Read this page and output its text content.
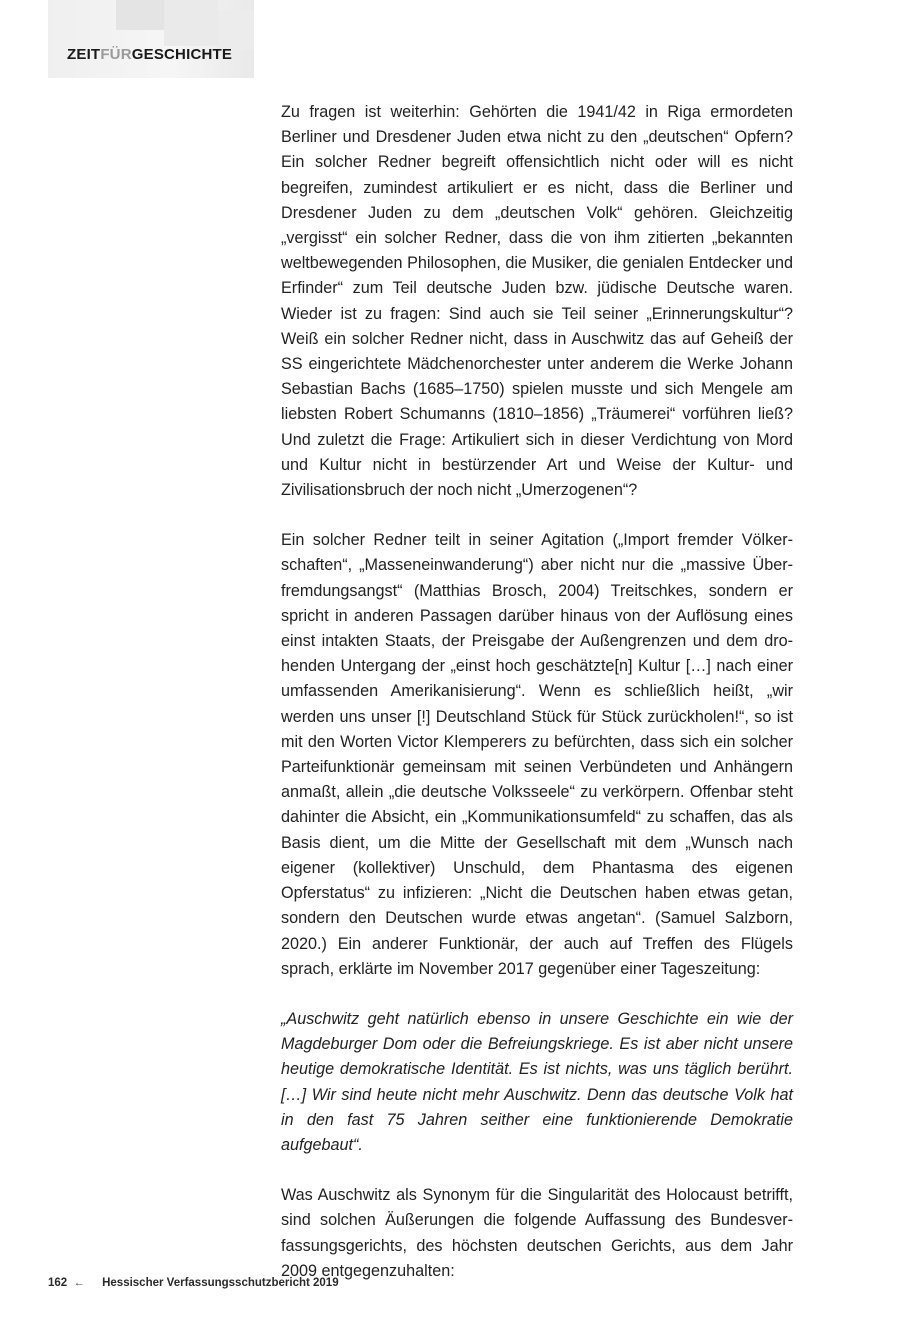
ZEITFÜRGESCHICHTE

Zu fragen ist weiterhin: Gehörten die 1941/42 in Riga ermordeten Berliner und Dresdener Juden etwa nicht zu den „deutschen“ Opfern? Ein solcher Redner begreift offensichtlich nicht oder will es nicht begreifen, zumindest artikuliert er es nicht, dass die Berliner und Dresdener Juden zu dem „deutschen Volk“ gehören. Gleichzeitig „vergisst“ ein solcher Redner, dass die von ihm zitierten „bekannten weltbewegenden Philosophen, die Musiker, die genialen Entdecker und Erfinder“ zum Teil deutsche Juden bzw. jüdische Deutsche waren. Wieder ist zu fragen: Sind auch sie Teil seiner „Erinnerungskultur“? Weiß ein solcher Redner nicht, dass in Auschwitz das auf Geheiß der SS eingerichtete Mädchenorchester unter anderem die Werke Johann Sebastian Bachs (1685–1750) spielen musste und sich Mengele am liebsten Robert Schumanns (1810–1856) „Träumerei“ vorführen ließ? Und zuletzt die Frage: Artikuliert sich in dieser Verdichtung von Mord und Kultur nicht in bestürzender Art und Weise der Kultur- und Zivilisationsbruch der noch nicht „Umerzogenen“?

Ein solcher Redner teilt in seiner Agitation („Import fremder Völkerschaften“, „Masseneinwanderung“) aber nicht nur die „massive Überfremdungsangst“ (Matthias Brosch, 2004) Treitschkes, sondern er spricht in anderen Passagen darüber hinaus von der Auflösung eines einst intakten Staats, der Preisgabe der Außengrenzen und dem drohenden Untergang der „einst hoch geschätzte[n] Kultur […] nach einer umfassenden Amerikanisierung“. Wenn es schließlich heißt, „wir werden uns unser [!] Deutschland Stück für Stück zurückholen!“, so ist mit den Worten Victor Klemperers zu befürchten, dass sich ein solcher Parteifunktionär gemeinsam mit seinen Verbündeten und Anhängern anmaßt, allein „die deutsche Volksseele“ zu verkörpern. Offenbar steht dahinter die Absicht, ein „Kommunikationsumfeld“ zu schaffen, das als Basis dient, um die Mitte der Gesellschaft mit dem „Wunsch nach eigener (kollektiver) Unschuld, dem Phantasma des eigenen Opferstatus“ zu infizieren: „Nicht die Deutschen haben etwas getan, sondern den Deutschen wurde etwas angetan“. (Samuel Salzborn, 2020.) Ein anderer Funktionär, der auch auf Treffen des Flügels sprach, erklärte im November 2017 gegenüber einer Tageszeitung:

„Auschwitz geht natürlich ebenso in unsere Geschichte ein wie der Magdeburger Dom oder die Befreiungskriege. Es ist aber nicht unsere heutige demokratische Identität. Es ist nichts, was uns täglich berührt. […] Wir sind heute nicht mehr Auschwitz. Denn das deutsche Volk hat in den fast 75 Jahren seither eine funktionierende Demokratie aufgebaut“.

Was Auschwitz als Synonym für die Singularität des Holocaust betrifft, sind solchen Äußerungen die folgende Auffassung des Bundesverfassungsgerichts, des höchsten deutschen Gerichts, aus dem Jahr 2009 entgegenzuhalten:

162 ← Hessischer Verfassungsschutzbericht 2019
